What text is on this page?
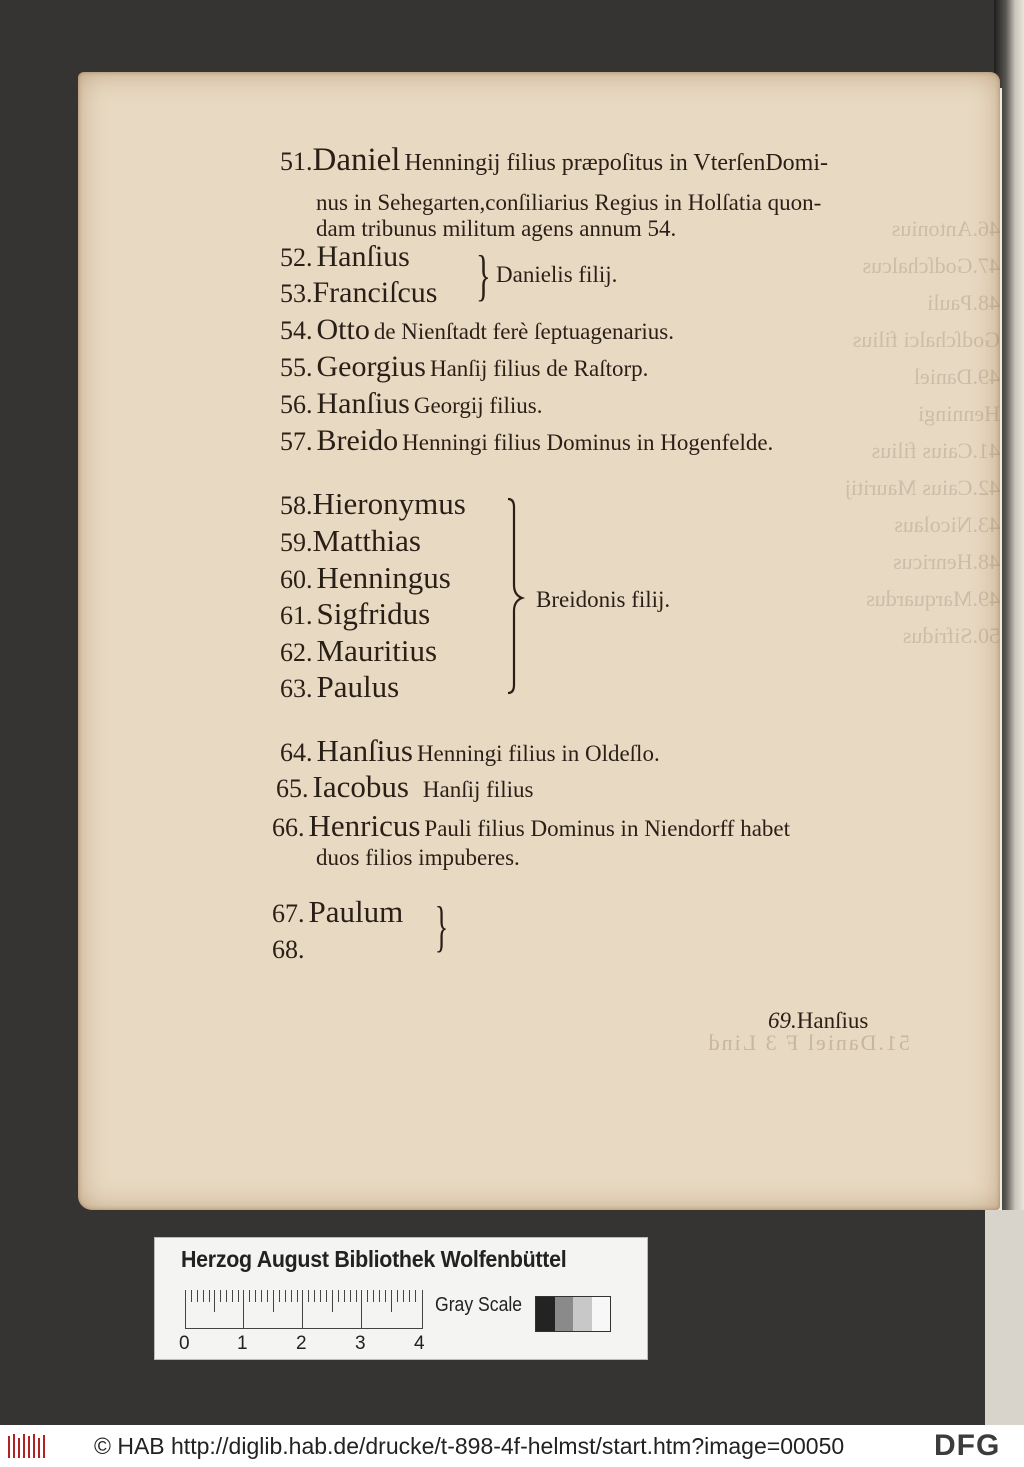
51.Daniel F 3 Lind
46.Antonius
47.Godſchalcus
48.Pauli Godſchalci filius
49.Daniel Henningi
41.Caius filius
42.Caius Mauritij
43.Nicolaus
48.Henricus
49.Marquardus
50.Sifridus
51.Daniel Henningij filius præpoſitus in VterſenDomi-
nus in Sehegarten,conſiliarius Regius in Holſatia quon-
dam tribunus militum agens annum 54.
52. Hanſius
53.Franciſcus } Danielis filij.
54. Otto de Nienſtadt ferè ſeptuagenarius.
55. Georgius Hanſij filius de Raſtorp.
56. Hanſius Georgij filius.
57. Breido Henningi filius Dominus in Hogenfelde.
58.Hieronymus
59.Matthias
60. Henningus
61. Sigfridus
62. Mauritius
63. Paulus
Breidonis filij.
64. Hanſius Henningi filius in Oldeſlo.
65. Iacobus Hanſij filius
66. Henricus Pauli filius Dominus in Niendorff habet
duos filios impuberes.
67. Paulum
68. }
69.Hanſius
Herzog August Bibliothek Wolfenbüttel
0 1	2	3	4
Gray Scale
© HAB http://diglib.hab.de/drucke/t-898-4f-helmst/start.htm?image=00050	DFG
